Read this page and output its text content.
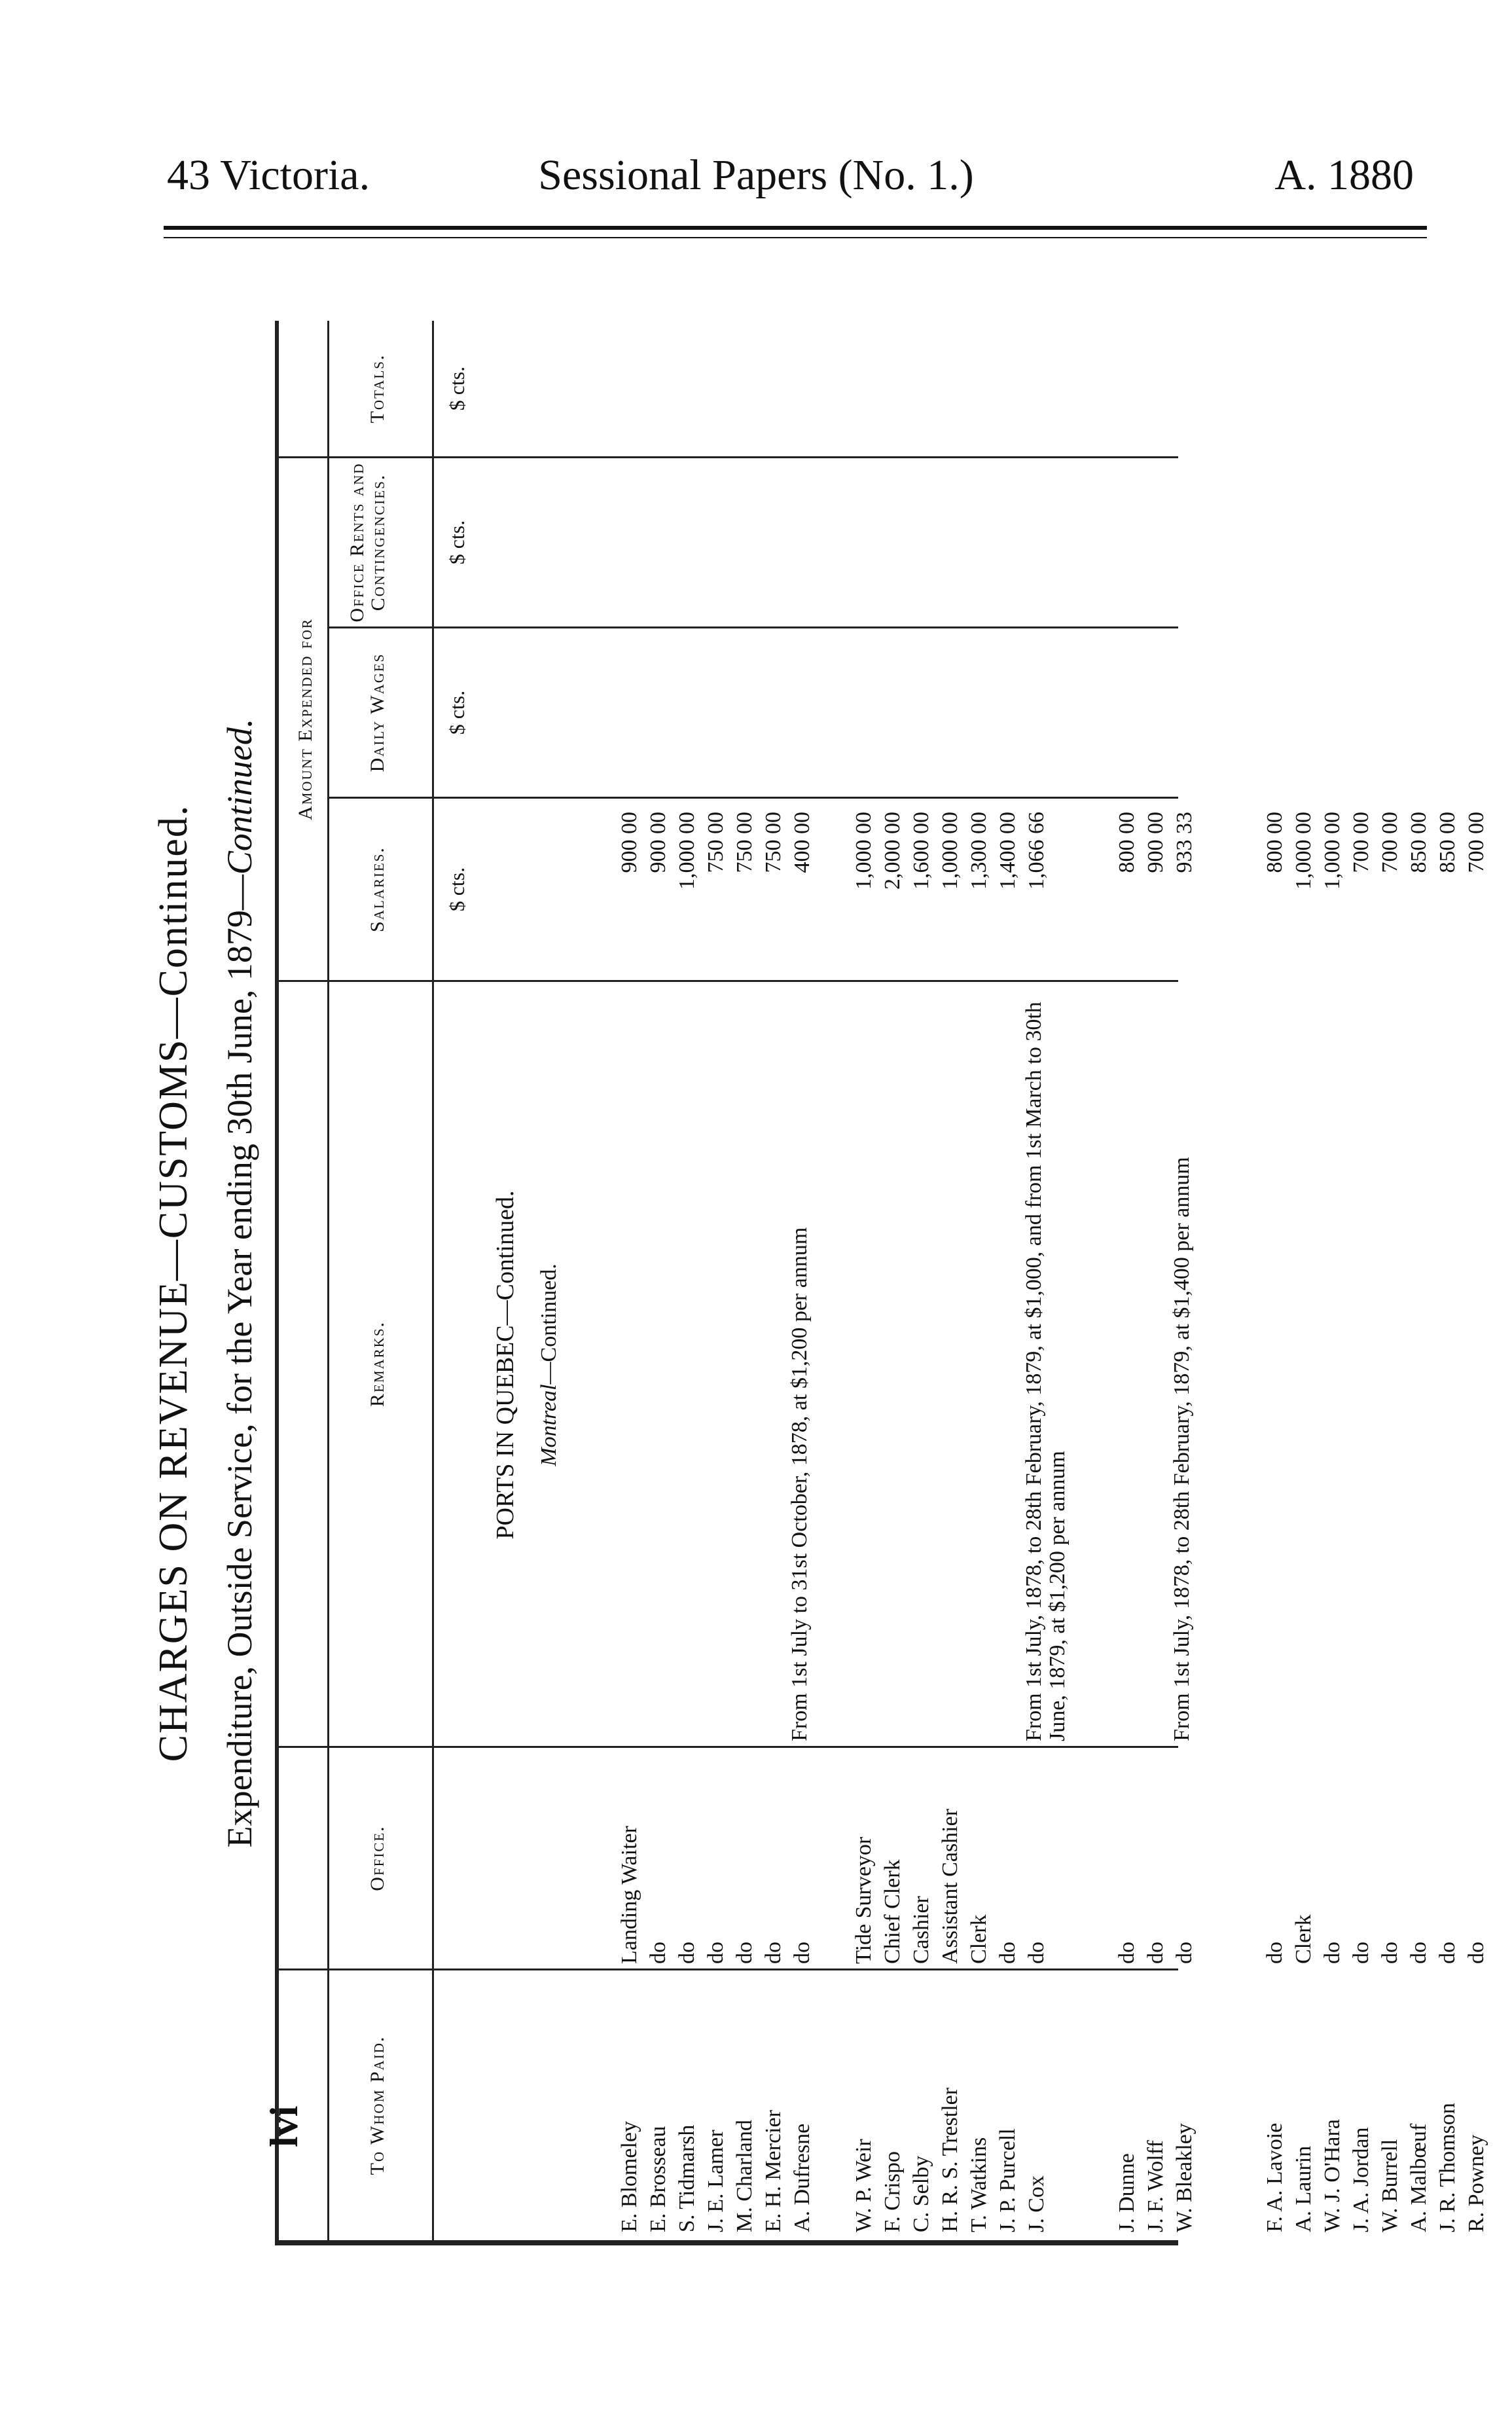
43 Victoria.	Sessional Papers (No. 1.)	A. 1880
CHARGES ON REVENUE—CUSTOMS—Continued. Expenditure, Outside Service, for the Year ending 30th June, 1879—Continued.
To Whom Paid.
Office.
Remarks.
Amount Expended for
Salaries.
Daily Wages
Office Rents and Contingencies.
Totals.
$ cts.
$ cts.
$ cts.
$ cts.
PORTS IN QUEBEC—Continued. Montreal—Continued.
E. Blomeley
Landing Waiter
900 00
E. Brosseau
do
900 00
S. Tidmarsh
do
1,000 00
J. E. Lamer
do
750 00
M. Charland
do
750 00
E. H. Mercier
do
750 00
A. Dufresne
do
From 1st July to 31st October, 1878, at $1,200 per annum
400 00
W. P. Weir
Tide Surveyor
1,000 00
F. Crispo
Chief Clerk
2,000 00
C. Selby
Cashier
1,600 00
H. R. S. Trestler
Assistant Cashier
1,000 00
T. Watkins
Clerk
1,300 00
J. P. Purcell
do
1,400 00
J. Cox
do
From 1st July, 1878, to 28th February, 1879, at $1,000, and from 1st March to 30th June, 1879, at $1,200 per annum
1,066 66
J. Dunne
do
800 00
J. F. Wolff
do
900 00
W. Bleakley
do
From 1st July, 1878, to 28th February, 1879, at $1,400 per annum
933 33
F. A. Lavoie
do
800 00
A. Laurin
Clerk
1,000 00
W. J. O'Hara
do
1,000 00
J. A. Jordan
do
700 00
W. Burrell
do
700 00
A. Malbœuf
do
850 00
J. R. Thomson
do
850 00
R. Powney
do
700 00
lvi
